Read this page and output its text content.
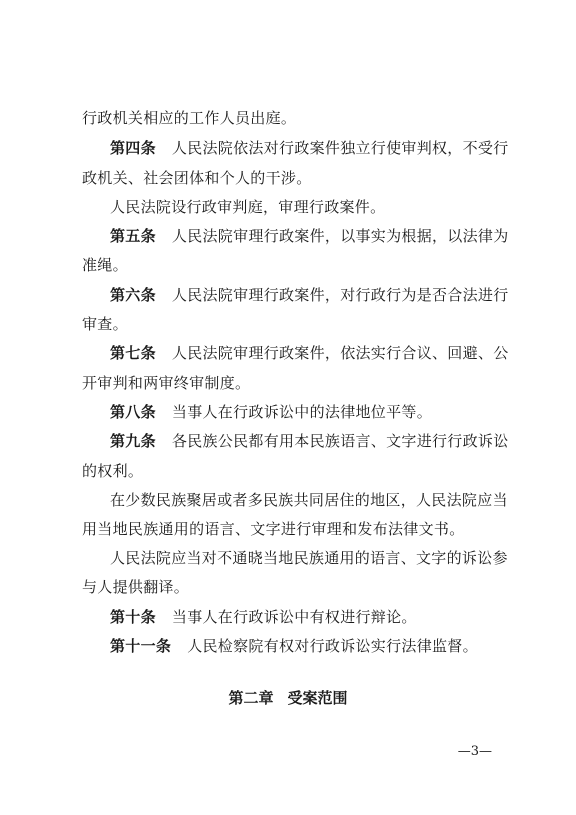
行政机关相应的工作人员出庭。
第四条 人民法院依法对行政案件独立行使审判权，不受行
政机关、社会团体和个人的干涉。
人民法院设行政审判庭，审理行政案件。
第五条 人民法院审理行政案件，以事实为根据，以法律为
准绳。
第六条 人民法院审理行政案件，对行政行为是否合法进行
审查。
第七条 人民法院审理行政案件，依法实行合议、回避、公
开审判和两审终审制度。
第八条 当事人在行政诉讼中的法律地位平等。
第九条 各民族公民都有用本民族语言、文字进行行政诉讼
的权利。
在少数民族聚居或者多民族共同居住的地区，人民法院应当
用当地民族通用的语言、文字进行审理和发布法律文书。
人民法院应当对不通晓当地民族通用的语言、文字的诉讼参
与人提供翻译。
第十条 当事人在行政诉讼中有权进行辩论。
第十一条 人民检察院有权对行政诉讼实行法律监督。
第二章 受案范围
—3—
